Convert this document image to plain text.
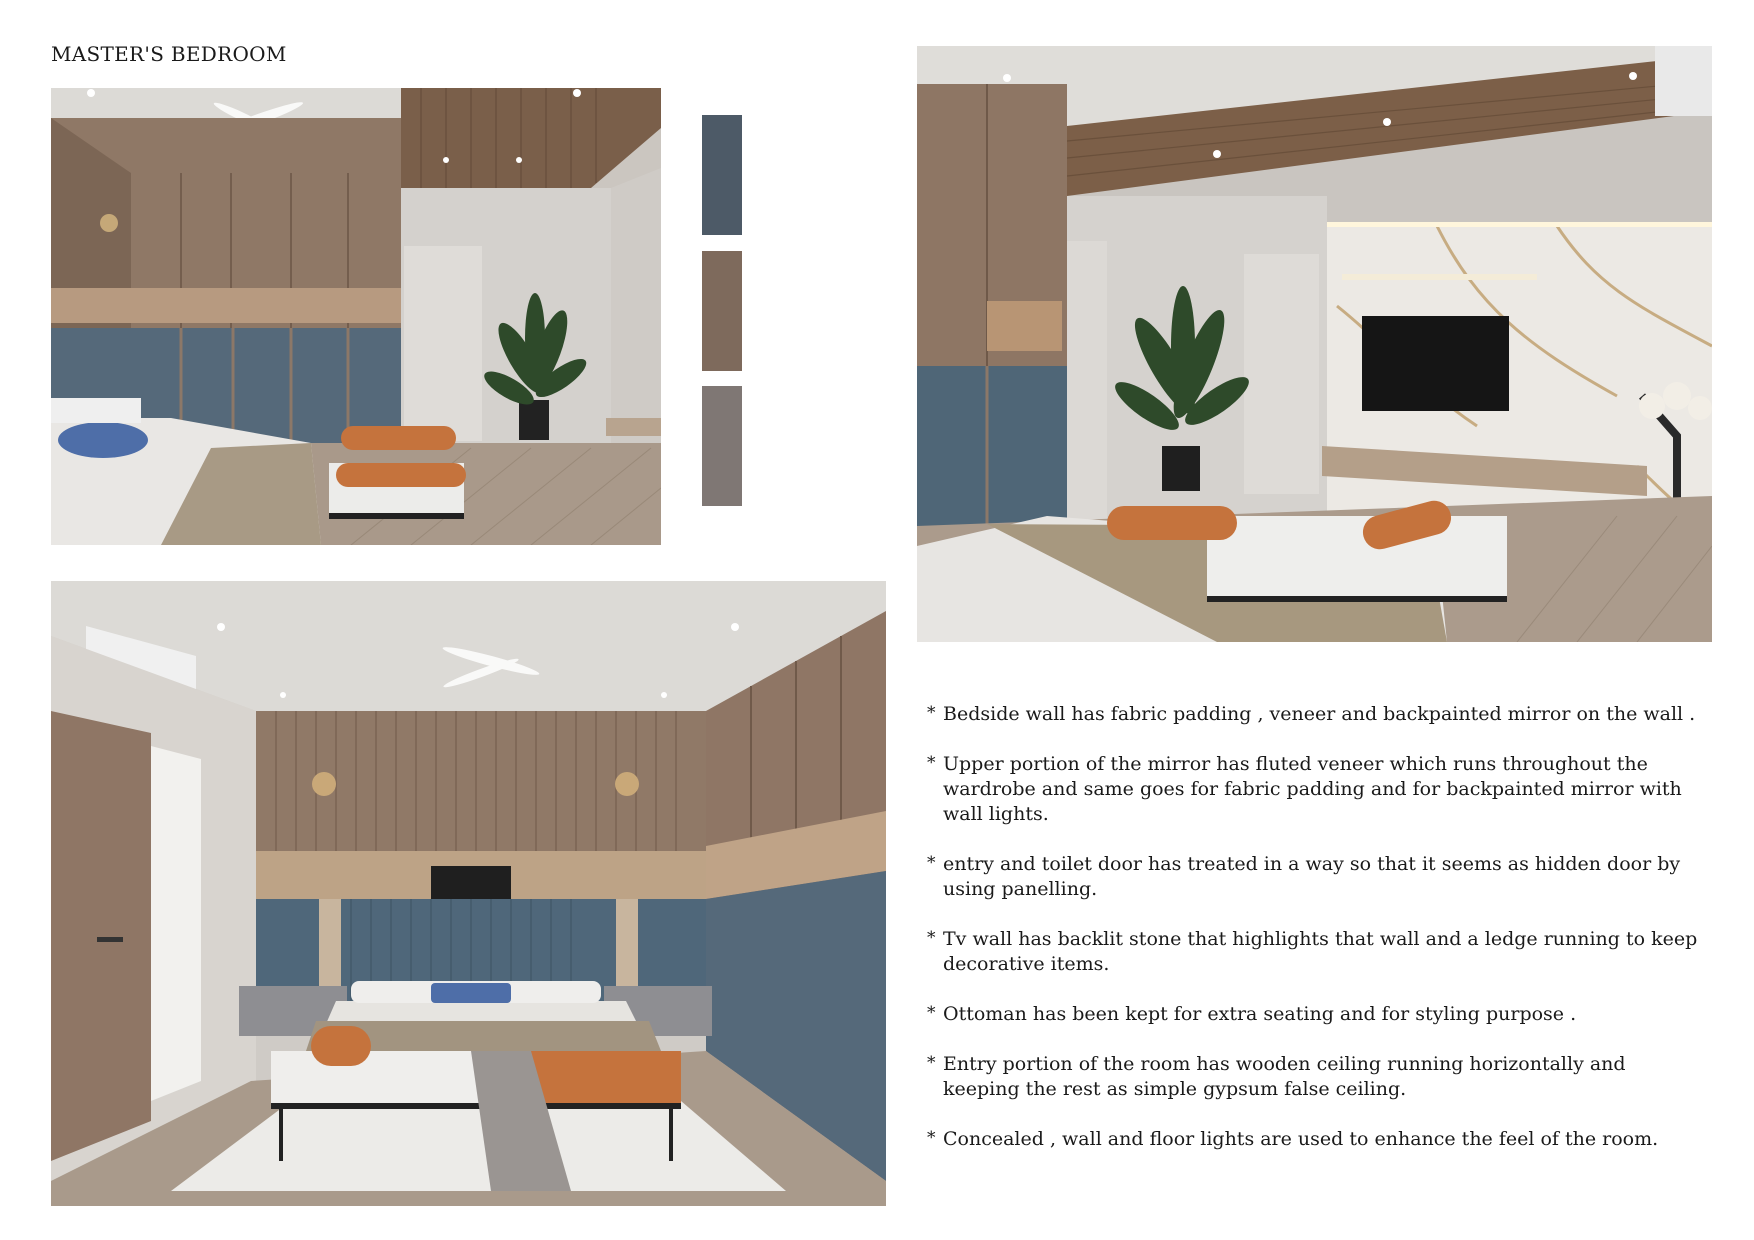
MASTER'S BEDROOM
* Bedside wall has fabric padding , veneer and backpainted mirror on the wall .
* Upper portion of the mirror has fluted veneer which runs throughout the wardrobe and same goes for fabric padding and for backpainted mirror with wall lights.
* entry and toilet door has treated in a way so that it seems as hidden door by using panelling.
* Tv wall has backlit stone that highlights that wall and a ledge running to keep decorative items.
* Ottoman has been kept for extra seating and for styling purpose .
* Entry portion of the room has wooden ceiling running horizontally and keeping the rest as simple gypsum false ceiling.
* Concealed , wall and floor lights are used to enhance the feel of the room.
